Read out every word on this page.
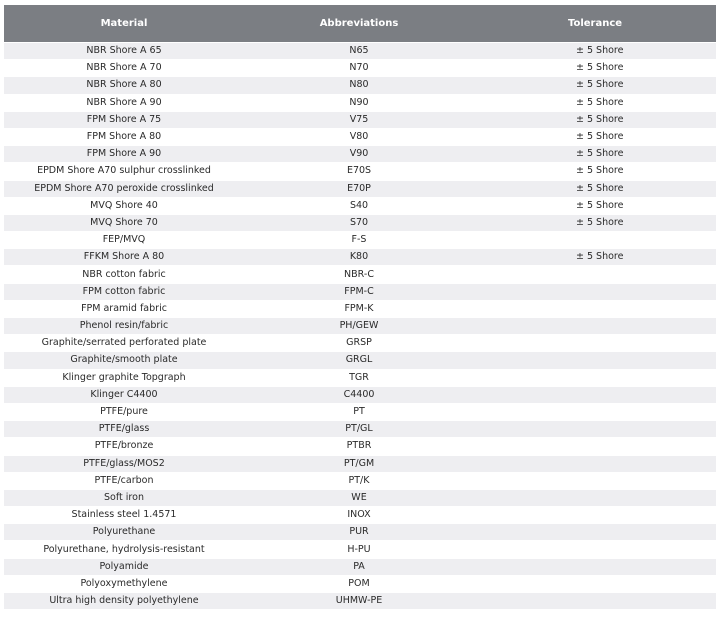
Material	Abbreviations	Tolerance
NBR Shore A 65	N65	± 5 Shore
NBR Shore A 70	N70	± 5 Shore
NBR Shore A 80	N80	± 5 Shore
NBR Shore A 90	N90	± 5 Shore
FPM Shore A 75	V75	± 5 Shore
FPM Shore A 80	V80	± 5 Shore
FPM Shore A 90	V90	± 5 Shore
EPDM Shore A70 sulphur crosslinked	E70S	± 5 Shore
EPDM Shore A70 peroxide crosslinked	E70P	± 5 Shore
MVQ Shore 40	S40	± 5 Shore
MVQ Shore 70	S70	± 5 Shore
FEP/MVQ	F-S	
FFKM Shore A 80	K80	± 5 Shore
NBR cotton fabric	NBR-C	
FPM cotton fabric	FPM-C	
FPM aramid fabric	FPM-K	
Phenol resin/fabric	PH/GEW	
Graphite/serrated perforated plate	GRSP	
Graphite/smooth plate	GRGL	
Klinger graphite Topgraph	TGR	
Klinger C4400	C4400	
PTFE/pure	PT	
PTFE/glass	PT/GL	
PTFE/bronze	PTBR	
PTFE/glass/MOS2	PT/GM	
PTFE/carbon	PT/K	
Soft iron	WE	
Stainless steel 1.4571	INOX	
Polyurethane	PUR	
Polyurethane, hydrolysis-resistant	H-PU	
Polyamide	PA	
Polyoxymethylene	POM	
Ultra high density polyethylene	UHMW-PE	
